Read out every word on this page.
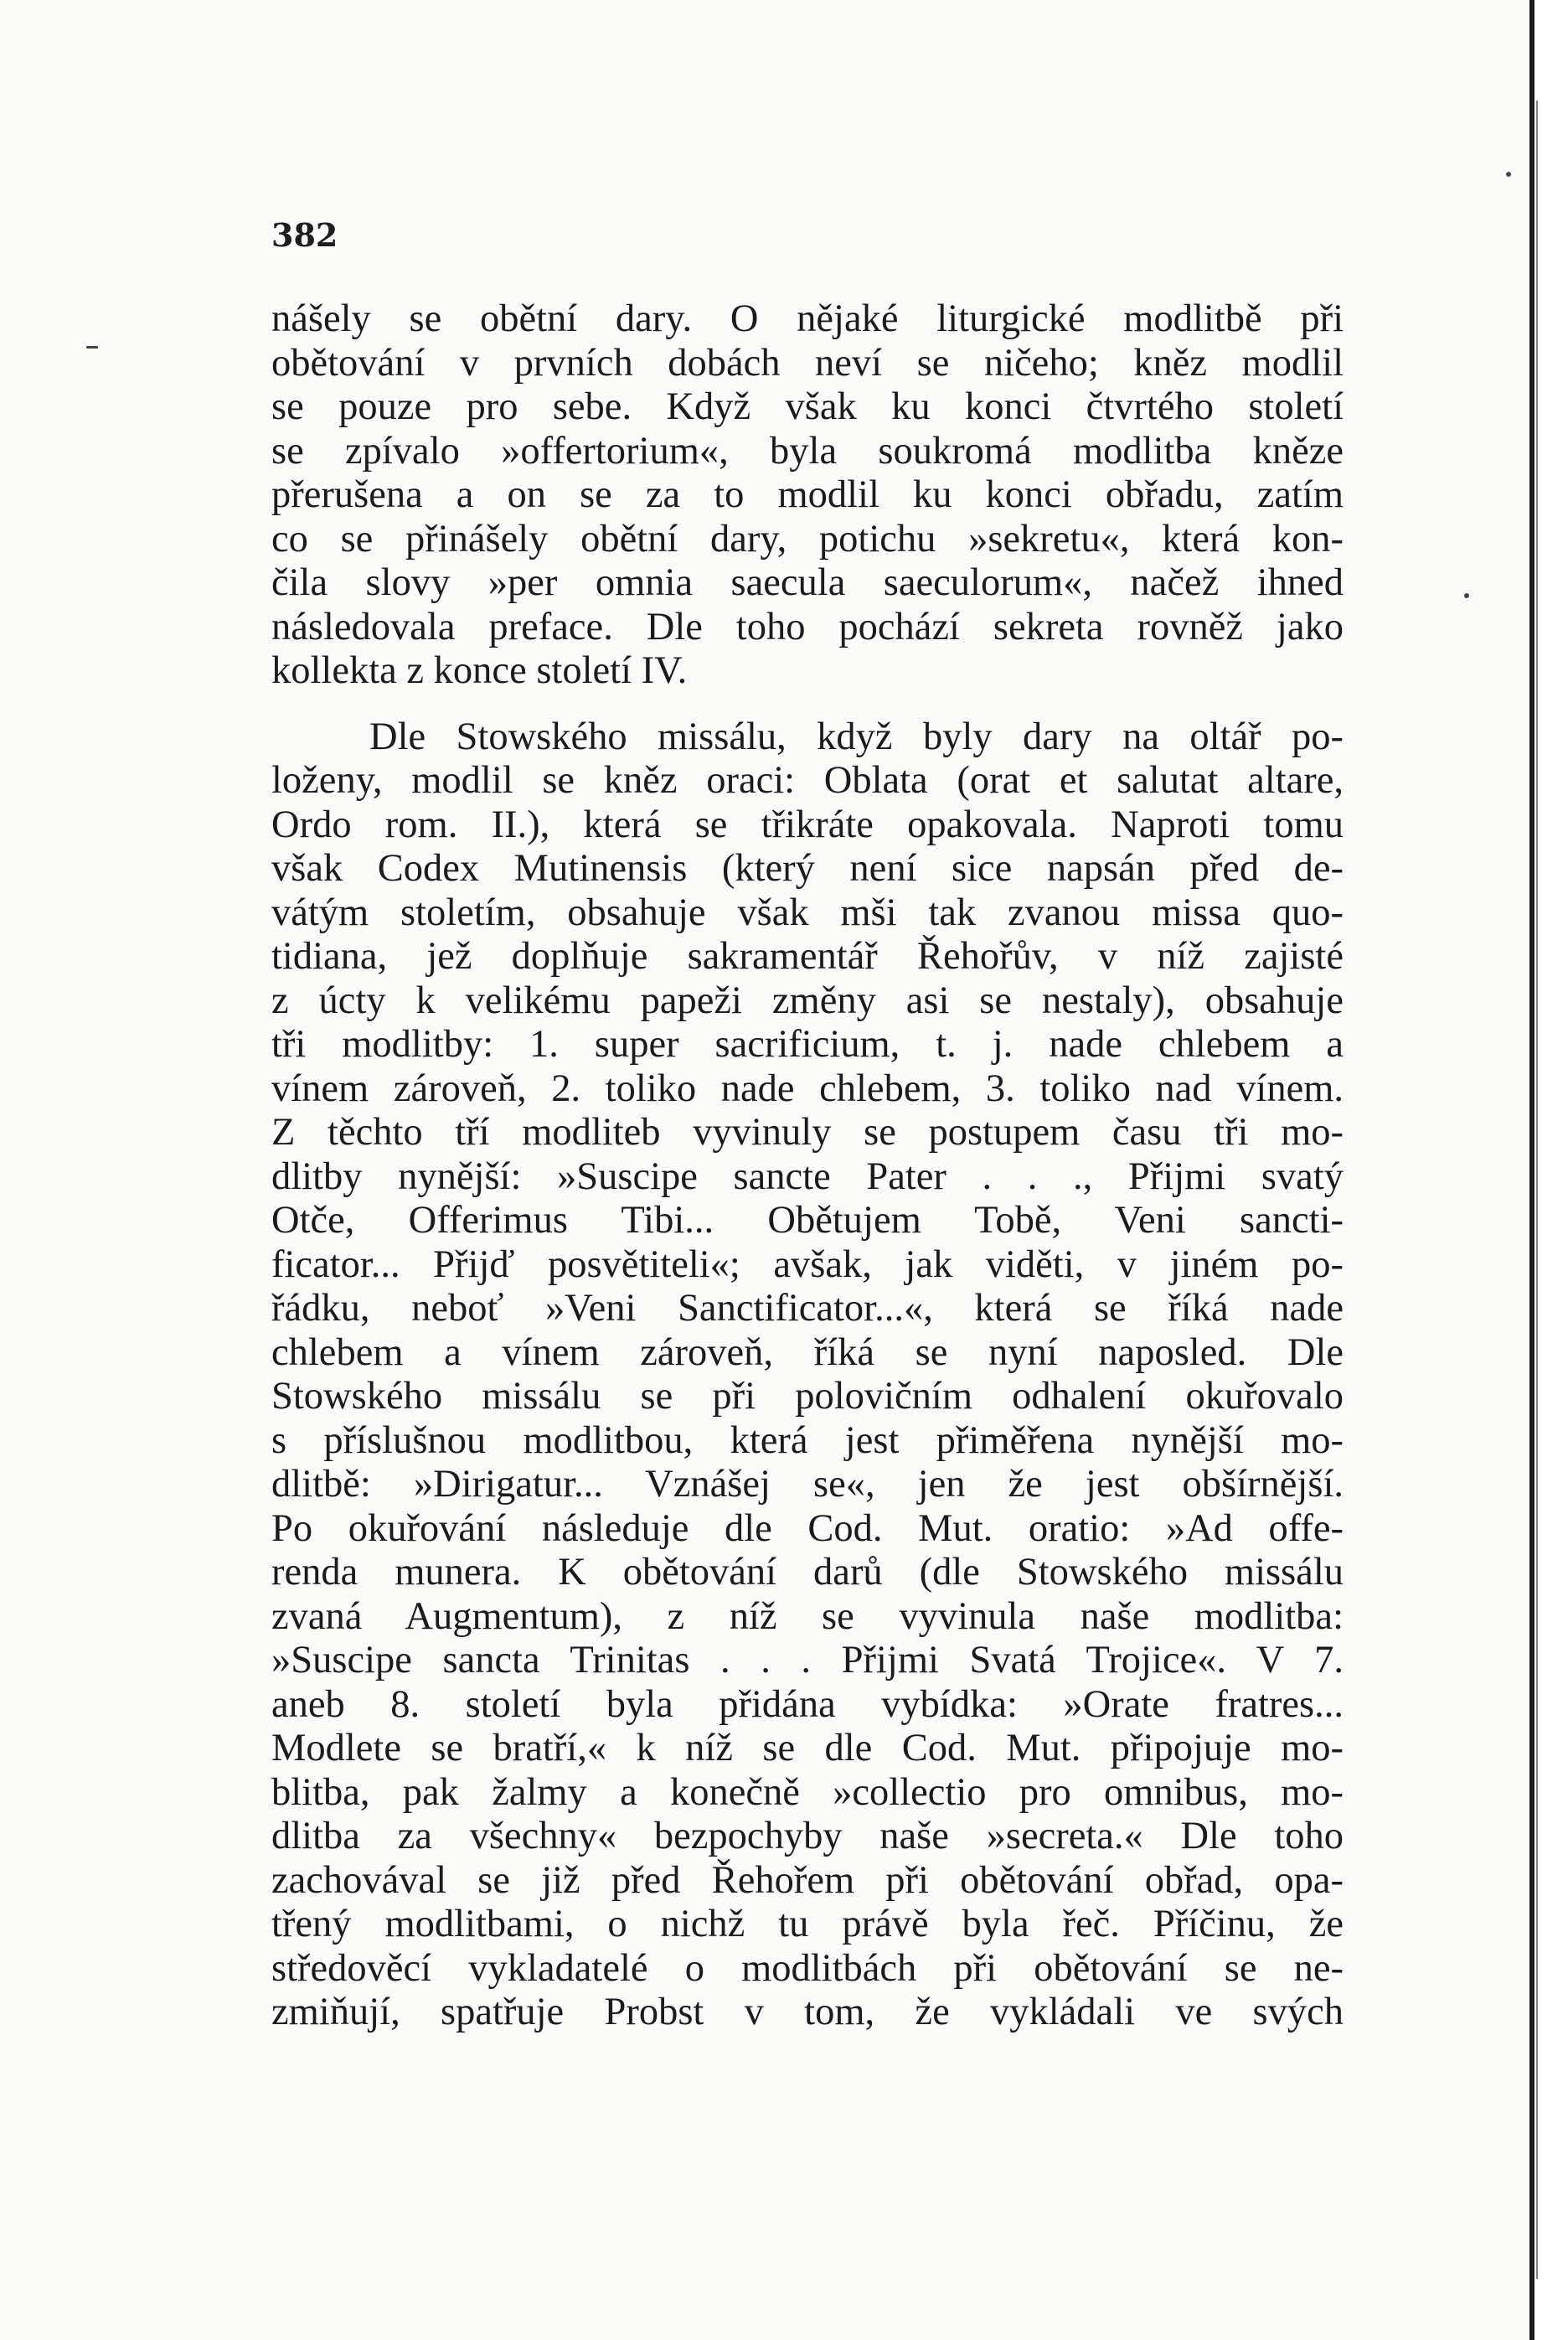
382

nášely se obětní dary. O nějaké liturgické modlitbě při
obětování v prvních dobách neví se ničeho; kněz modlil
se pouze pro sebe. Když však ku konci čtvrtého století
se zpívalo »offertorium«, byla soukromá modlitba kněze
přerušena a on se za to modlil ku konci obřadu, zatím
co se přinášely obětní dary, potichu »sekretu«, která kon-
čila slovy »per omnia saecula saeculorum«, načež ihned
následovala preface. Dle toho pochází sekreta rovněž jako
kollekta z konce století IV.

Dle Stowského missálu, když byly dary na oltář po-
loženy, modlil se kněz oraci: Oblata (orat et salutat altare,
Ordo rom. II.), která se třikráte opakovala. Naproti tomu
však Codex Mutinensis (který není sice napsán před de-
vátým stoletím, obsahuje však mši tak zvanou missa quo-
tidiana, jež doplňuje sakramentář Řehořův, v níž zajisté
z úcty k velikému papeži změny asi se nestaly), obsahuje
tři modlitby: 1. super sacrificium, t. j. nade chlebem a
vínem zároveň, 2. toliko nade chlebem, 3. toliko nad vínem.
Z těchto tří modliteb vyvinuly se postupem času tři mo-
dlitby nynější: »Suscipe sancte Pater . . ., Přijmi svatý
Otče, Offerimus Tibi... Obětujem Tobě, Veni sancti-
ficator... Přijď posvětiteli«; avšak, jak viděti, v jiném po-
řádku, neboť »Veni Sanctificator...«, která se říká nade
chlebem a vínem zároveň, říká se nyní naposled. Dle
Stowského missálu se při polovičním odhalení okuřovalo
s příslušnou modlitbou, která jest přiměřena nynější mo-
dlitbě: »Dirigatur... Vznášej se«, jen že jest obšírnější.
Po okuřování následuje dle Cod. Mut. oratio: »Ad offe-
renda munera. K obětování darů (dle Stowského missálu
zvaná Augmentum), z níž se vyvinula naše modlitba:
»Suscipe sancta Trinitas . . . Přijmi Svatá Trojice«. V 7.
aneb 8. století byla přidána vybídka: »Orate fratres...
Modlete se bratří,« k níž se dle Cod. Mut. připojuje mo-
blitba, pak žalmy a konečně »collectio pro omnibus, mo-
dlitba za všechny« bezpochyby naše »secreta.« Dle toho
zachovával se již před Řehořem při obětování obřad, opa-
třený modlitbami, o nichž tu právě byla řeč. Příčinu, že
středověcí vykladatelé o modlitbách při obětování se ne-
zmiňují, spatřuje Probst v tom, že vykládali ve svých
